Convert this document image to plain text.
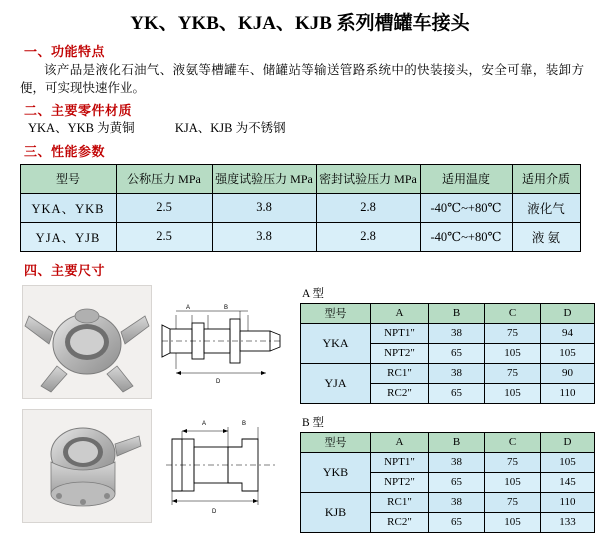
YK、YKB、KJA、KJB 系列槽罐车接头
一、功能特点
该产品是液化石油气、液氨等槽罐车、储罐站等输送管路系统中的快装接头，安全可靠，装卸方便，可实现快速作业。
二、主要零件材质
YKA、YKB 为黄铜	KJA、KJB 为不锈钢
三、性能参数
型号	公称压力 MPa	强度试验压力 MPa	密封试验压力 MPa	适用温度	适用介质
YKA、YKB	2.5	3.8	2.8	-40℃~+80℃	液化气
YJA、YJB	2.5	3.8	2.8	-40℃~+80℃	液 氨
四、主要尺寸

A	B
D

A	B
D
A 型
型号	A	B	C	D
YKA	NPT1"	38	75	94
	NPT2"	65	105	105
YJA	RC1"	38	75	90
	RC2"	65	105	110
B 型
型号	A	B	C	D
YKB	NPT1"	38	75	105
	NPT2"	65	105	145
KJB	RC1"	38	75	110
	RC2"	65	105	133
